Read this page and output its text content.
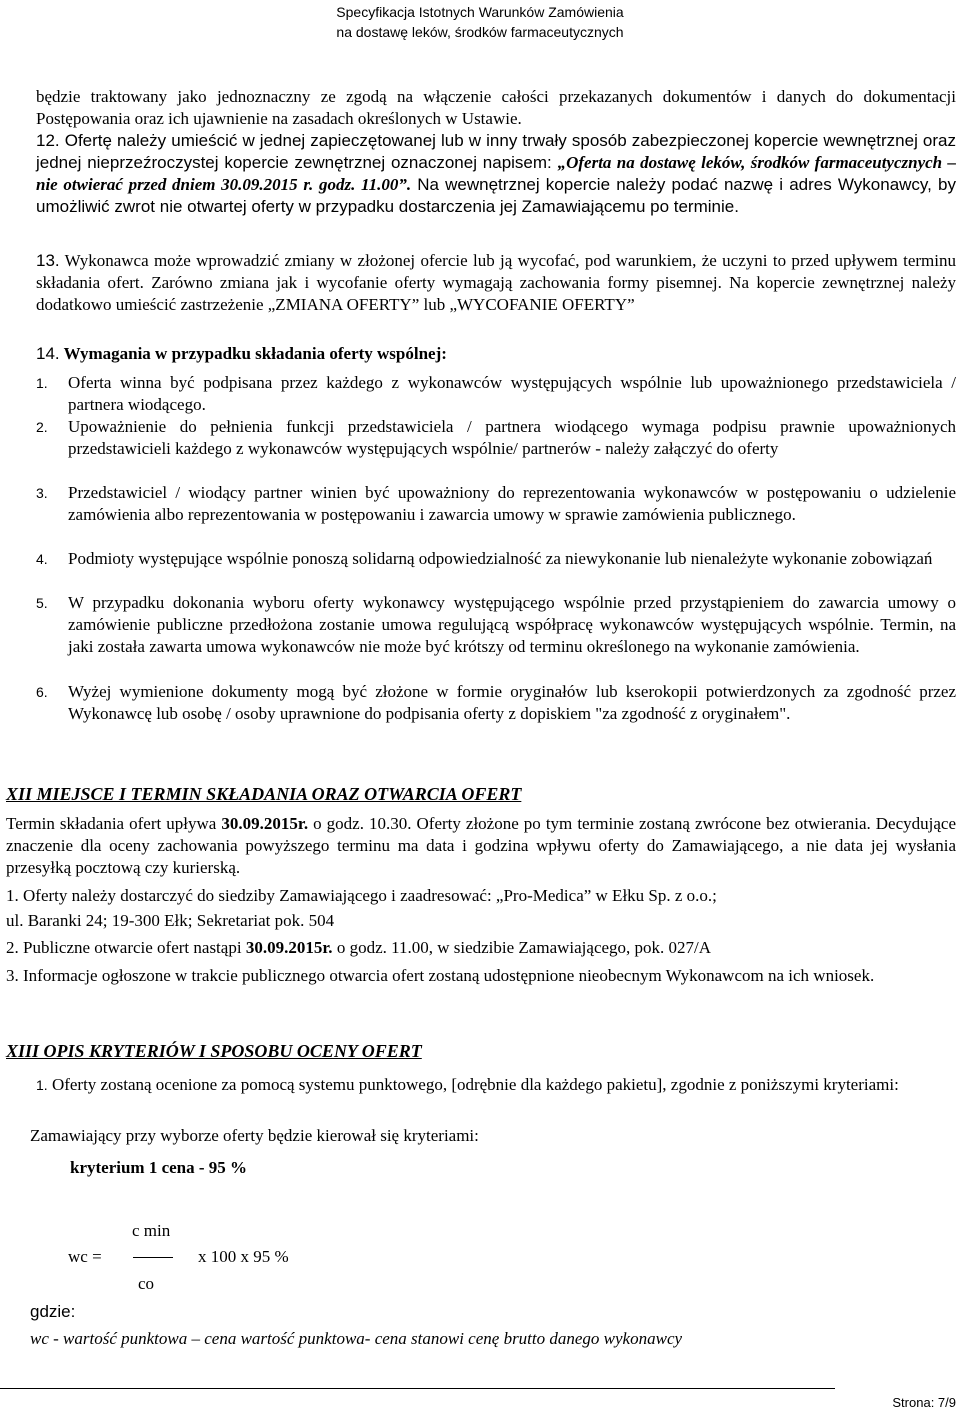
Specyfikacja Istotnych Warunków Zamówienia
na dostawę leków, środków farmaceutycznych
będzie traktowany jako jednoznaczny ze zgodą na włączenie całości przekazanych dokumentów i danych do dokumentacji Postępowania oraz ich ujawnienie na zasadach określonych w Ustawie.
12. Ofertę należy umieścić w jednej zapieczętowanej lub w inny trwały sposób zabezpieczonej kopercie wewnętrznej oraz jednej nieprzeźroczystej kopercie zewnętrznej oznaczonej napisem: „Oferta na dostawę leków, środków farmaceutycznych – nie otwierać przed dniem 30.09.2015 r. godz. 11.00”. Na wewnętrznej kopercie należy podać nazwę i adres Wykonawcy, by umożliwić zwrot nie otwartej oferty w przypadku dostarczenia jej Zamawiającemu po terminie.
13. Wykonawca może wprowadzić zmiany w złożonej ofercie lub ją wycofać, pod warunkiem, że uczyni to przed upływem terminu składania ofert. Zarówno zmiana jak i wycofanie oferty wymagają zachowania formy pisemnej. Na kopercie zewnętrznej należy dodatkowo umieścić zastrzeżenie „ZMIANA OFERTY” lub „WYCOFANIE OFERTY”
14. Wymagania w przypadku składania oferty wspólnej:
1. Oferta winna być podpisana przez każdego z wykonawców występujących wspólnie lub upoważnionego przedstawiciela / partnera wiodącego.
2. Upoważnienie do pełnienia funkcji przedstawiciela / partnera wiodącego wymaga podpisu prawnie upoważnionych przedstawicieli każdego z wykonawców występujących wspólnie/ partnerów - należy załączyć do oferty
3. Przedstawiciel / wiodący partner winien być upoważniony do reprezentowania wykonawców w postępowaniu o udzielenie zamówienia albo reprezentowania w postępowaniu i zawarcia umowy w sprawie zamówienia publicznego.
4. Podmioty występujące wspólnie ponoszą solidarną odpowiedzialność za niewykonanie lub nienależyte wykonanie zobowiązań
5. W przypadku dokonania wyboru oferty wykonawcy występującego wspólnie przed przystąpieniem do zawarcia umowy o zamówienie publiczne przedłożona zostanie umowa regulującą współpracę wykonawców występujących wspólnie. Termin, na jaki została zawarta umowa wykonawców nie może być krótszy od terminu określonego na wykonanie zamówienia.
6. Wyżej wymienione dokumenty mogą być złożone w formie oryginałów lub kserokopii potwierdzonych za zgodność przez Wykonawcę lub osobę / osoby uprawnione do podpisania oferty z dopiskiem "za zgodność z oryginałem".
XII MIEJSCE I TERMIN SKŁADANIA ORAZ OTWARCIA OFERT
Termin składania ofert upływa 30.09.2015r. o godz. 10.30. Oferty złożone po tym terminie zostaną zwrócone bez otwierania. Decydujące znaczenie dla oceny zachowania powyższego terminu ma data i godzina wpływu oferty do Zamawiającego, a nie data jej wysłania przesyłką pocztową czy kurierską.
1. Oferty należy dostarczyć do siedziby Zamawiającego i zaadresować: „Pro-Medica” w Ełku Sp. z o.o.;
ul. Baranki 24; 19-300 Ełk; Sekretariat pok. 504
2. Publiczne otwarcie ofert nastąpi 30.09.2015r. o godz. 11.00, w siedzibie Zamawiającego, pok. 027/A
3. Informacje ogłoszone w trakcie publicznego otwarcia ofert zostaną udostępnione nieobecnym Wykonawcom na ich wniosek.
XIII OPIS KRYTERIÓW I SPOSOBU OCENY OFERT
1. Oferty zostaną ocenione za pomocą systemu punktowego, [odrębnie dla każdego pakietu], zgodnie z poniższymi kryteriami:
Zamawiający przy wyborze oferty będzie kierował się kryteriami:
kryterium 1 cena - 95 %
c min
wc =	x 100 x 95 %
co
gdzie:
wc - wartość punktowa – cena wartość punktowa- cena stanowi cenę brutto danego wykonawcy
Strona: 7/9
